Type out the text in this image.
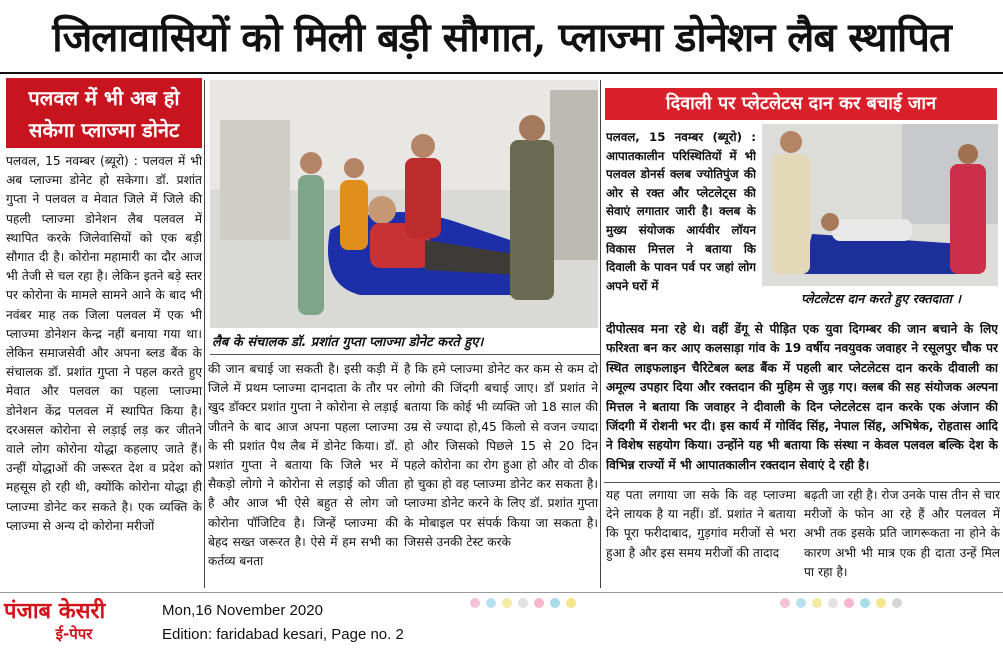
जिलावासियों को मिली बड़ी सौगात, प्लाज्मा डोनेशन लैब स्थापित
पलवल में भी अब हो सकेगा प्लाज्मा डोनेट
पलवल, 15 नवम्बर (ब्यूरो) : पलवल में भी अब प्लाज्मा डोनेट हो सकेगा। डॉ. प्रशांत गुप्ता ने पलवल व मेवात जिले में जिले की पहली प्लाज्मा डोनेशन लैब पलवल में स्थापित करके जिलेवासियों को एक बड़ी सौगात दी है। कोरोना महामारी का दौर आज भी तेजी से चल रहा है। लेकिन इतने बड़े स्तर पर कोरोना के मामले सामने आने के बाद भी नवंबर माह तक जिला पलवल में एक भी प्लाज्मा डोनेशन केन्द्र नहीं बनाया गया था। लेकिन समाजसेवी और अपना ब्लड बैंक के संचालक डॉ. प्रशांत गुप्ता ने पहल करते हुए मेवात और पलवल का पहला प्लाज्मा डोनेशन केंद्र पलवल में स्थापित किया है। दरअसल कोरोना से लड़ाई लड़ कर जीतने वाले लोग कोरोना योद्धा कहलाए जाते हैं। उन्हीं योद्धाओं की जरूरत देश व प्रदेश को महसूस हो रही थी, क्योंकि कोरोना योद्धा ही प्लाज्मा डोनेट कर सकते है। एक व्यक्ति के प्लाज्मा से अन्य दो कोरोना मरीजों
लैब के संचालक डॉ. प्रशांत गुप्ता प्लाज्मा डोनेट करते हुए।
की जान बचाई जा सकती है। इसी कड़ी में जिले में प्रथम प्लाज्मा दानदाता के तौर पर खुद डॉक्टर प्रशांत गुप्ता ने कोरोना से लड़ाई जीतने के बाद आज अपना पहला प्लाज्मा के सी प्रशांत पैथ लैब में डोनेट किया। डॉ. प्रशांत गुप्ता ने बताया कि जिले भर में सैकड़ो लोगो ने कोरोना से लड़ाई को जीता है और आज भी ऐसे बहुत से लोग जो कोरोना पॉजिटिव है। जिन्हें प्लाज्मा की बेहद सख्त जरूरत है। ऐसे में हम सभी का कर्तव्य बनता
है कि हमे प्लाज्मा डोनेट कर कम से कम दो लोगो की जिंदगी बचाई जाए। डॉ प्रशांत ने बताया कि कोई भी व्यक्ति जो 18 साल की उम्र से ज्यादा हो,45 किलो से वजन ज्यादा हो और जिसको पिछले 15 से 20 दिन पहले कोरोना का रोग हुआ हो और वो ठीक हो चुका हो वह प्लाज्मा डोनेट कर सकता है। प्लाज्मा डोनेट करने के लिए डॉ. प्रशांत गुप्ता के मोबाइल पर संपर्क किया जा सकता है। जिससे उनकी टेस्ट करके
यह पता लगाया जा सके कि वह प्लाज्मा देने लायक है या नहीं। डॉ. प्रशांत ने बताया कि पूरा फरीदाबाद, गुड़गांव मरीजों से भरा हुआ है और इस समय मरीजों की तादाद
बढ़ती जा रही है। रोज उनके पास तीन से चार मरीजों के फोन आ रहे हैं और पलवल में अभी तक इसके प्रति जागरूकता ना होने के कारण अभी भी मात्र एक ही दाता उन्हें मिल पा रहा है।
दिवाली पर प्लेटलेटस दान कर बचाई जान
पलवल, 15 नवम्बर (ब्यूरो) : आपातकालीन परिस्थितियों में भी पलवल डोनर्स क्लब ज्योतिपुंज की ओर से रक्त और प्लेटलेट्स की सेवाएं लगातार जारी है। क्लब के मुख्य संयोजक आर्यवीर लॉयन विकास मित्तल ने बताया कि दिवाली के पावन पर्व पर जहां लोग अपने घरों में
प्लेटलेटस दान करते हुए रक्तदाता ।
दीपोत्सव मना रहे थे। वहीं डेंगू से पीड़ित एक युवा दिगम्बर की जान बचाने के लिए फरिश्ता बन कर आए कलसाड़ा गांव के 19 वर्षीय नवयुवक जवाहर ने रसूलपुर चौक पर स्थित लाइफलाइन चैरिटेबल ब्लड बैंक में पहली बार प्लेटलेटस दान करके दीवाली का अमूल्य उपहार दिया और रक्तदान की मुहिम से जुड़ गए। क्लब की सह संयोजक अल्पना मित्तल ने बताया कि जवाहर ने दीवाली के दिन प्लेटलेटस दान करके एक अंजान की जिंदगी में रोशनी भर दी। इस कार्य में गोविंद सिंह, नेपाल सिंह, अभिषेक, रोहतास आदि ने विशेष सहयोग किया। उन्होंने यह भी बताया कि संस्था न केवल पलवल बल्कि देश के विभिन्न राज्यों में भी आपातकालीन रक्तदान सेवाएं दे रही है।
पंजाब केसरी
ई-पेपर
Mon,16 November 2020
Edition: faridabad kesari, Page no. 2
